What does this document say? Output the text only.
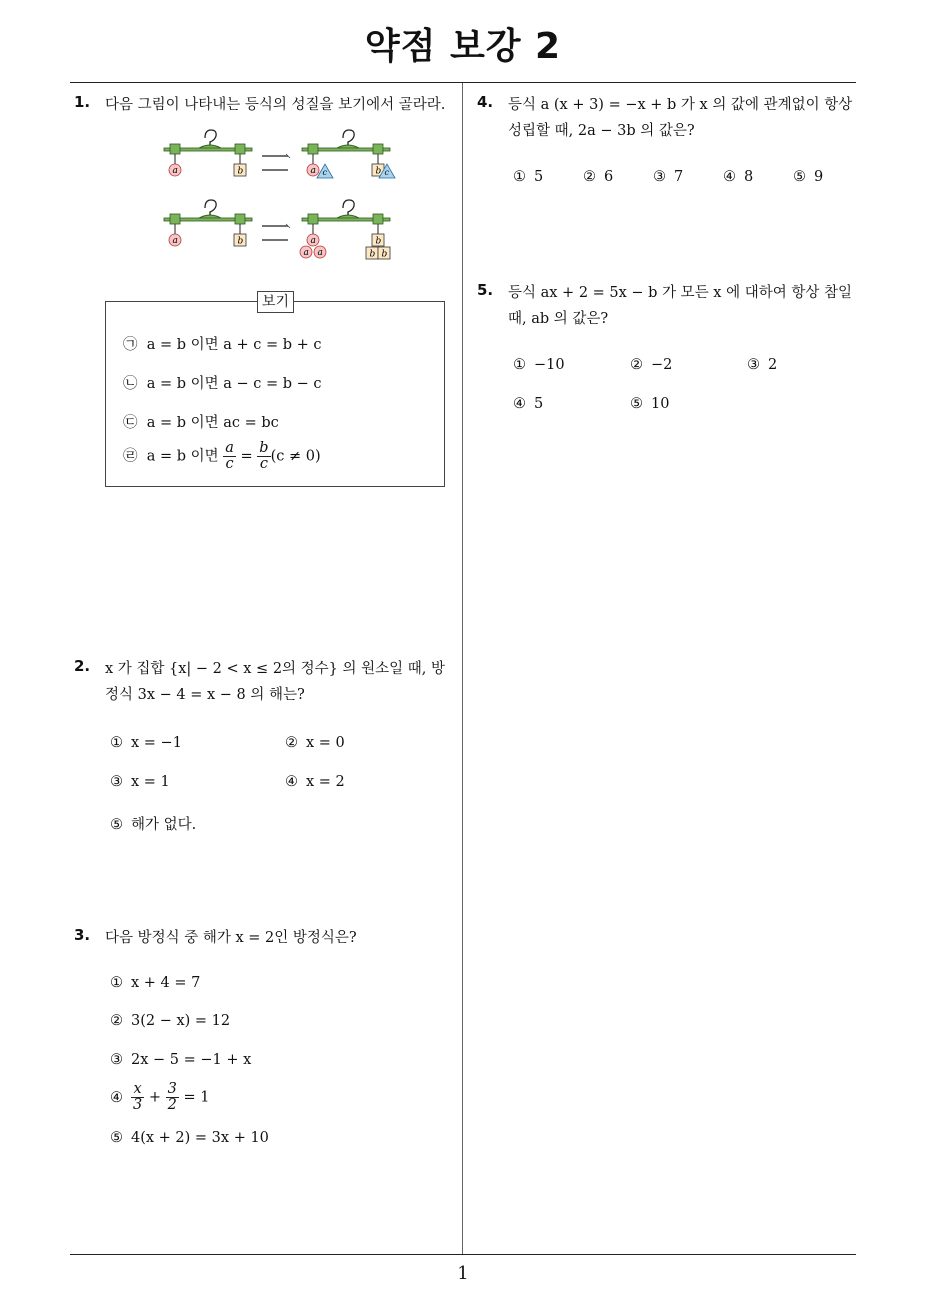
약점 보강 2
1
1. 다음 그림이 나타내는 등식의 성질을 보기에서 골라라.
a	b	a c	b c
a	b	a
a a
b
b b
보기
㉠ a = b 이면 a + c = b + c
㉡ a = b 이면 a − c = b − c
㉢ a = b 이면 ac = bc
㉣ a = b 이면 $\frac{a}{c} = \frac{b}{c} (c \ne 0)$
2. x 가 집합 {x| − 2 < x ≤ 2의 정수} 의 원소일 때, 방
정식 3x − 4 = x − 8 의 해는?
① x = −1	② x = 0
③ x = 1	④ x = 2
⑤ 해가 없다.
3. 다음 방정식 중 해가 x = 2인 방정식은?
① x + 4 = 7
② 3(2 − x) = 12
③ 2x − 5 = −1 + x
④ $\frac{x}{3} + \frac{3}{2} = 1$
⑤ 4(x + 2) = 3x + 10
4. 등식 a (x + 3) = −x + b 가 x 의 값에 관계없이 항상
성립할 때, 2a − 3b 의 값은?
① 5	② 6	③ 7	④ 8	⑤ 9
5. 등식 ax + 2 = 5x − b 가 모든 x 에 대하여 항상 참일
때, ab 의 값은?
① −10	② −2	③ 2
④ 5	⑤ 10
